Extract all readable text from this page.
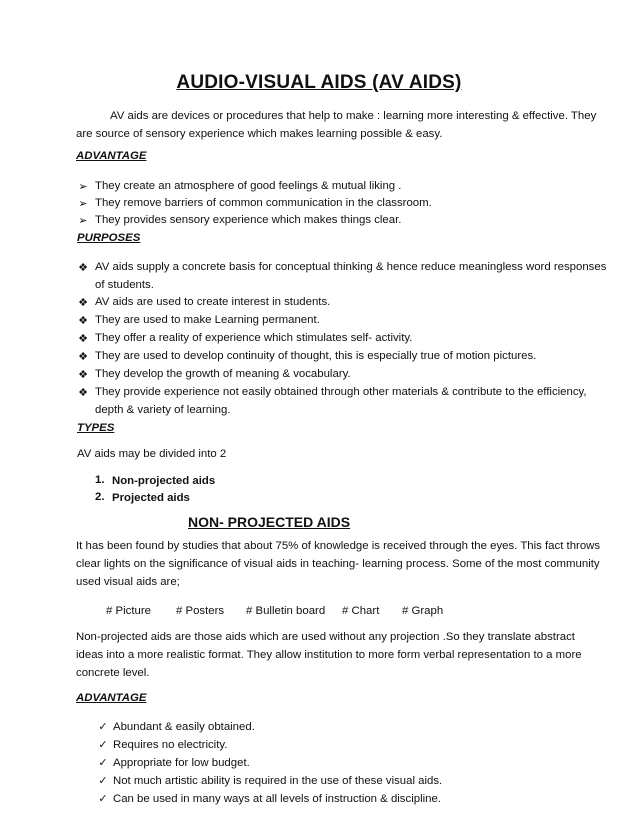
AUDIO-VISUAL AIDS (AV AIDS)
AV aids are devices or procedures that help to make : learning more interesting & effective. They
are source of sensory experience which makes learning possible & easy.
ADVANTAGE
➢ They create an atmosphere of good feelings & mutual liking .
➢ They remove barriers of common communication in the classroom.
➢ They provides sensory experience which makes things clear.
PURPOSES
❖ AV aids supply a concrete basis for conceptual thinking & hence reduce meaningless word responses
of students.
❖ AV aids are used to create interest in students.
❖ They are used to make Learning permanent.
❖ They offer a reality of experience which stimulates self- activity.
❖ They are used to develop continuity of thought, this is especially true of motion pictures.
❖ They develop the growth of meaning & vocabulary.
❖ They provide experience not easily obtained through other materials & contribute to the efficiency,
depth & variety of learning.
TYPES
AV aids may be divided into 2
1. Non-projected aids
2. Projected aids
NON- PROJECTED AIDS
It has been found by studies that about 75% of knowledge is received through the eyes. This fact throws
clear lights on the significance of visual aids in teaching- learning process. Some of the most community
used visual aids are;
# Picture # Posters # Bulletin board # Chart # Graph
Non-projected aids are those aids which are used without any projection .So they translate abstract
ideas into a more realistic format. They allow institution to more form verbal representation to a more
concrete level.
ADVANTAGE
✓ Abundant & easily obtained.
✓ Requires no electricity.
✓ Appropriate for low budget.
✓ Not much artistic ability is required in the use of these visual aids.
✓ Can be used in many ways at all levels of instruction & discipline.
